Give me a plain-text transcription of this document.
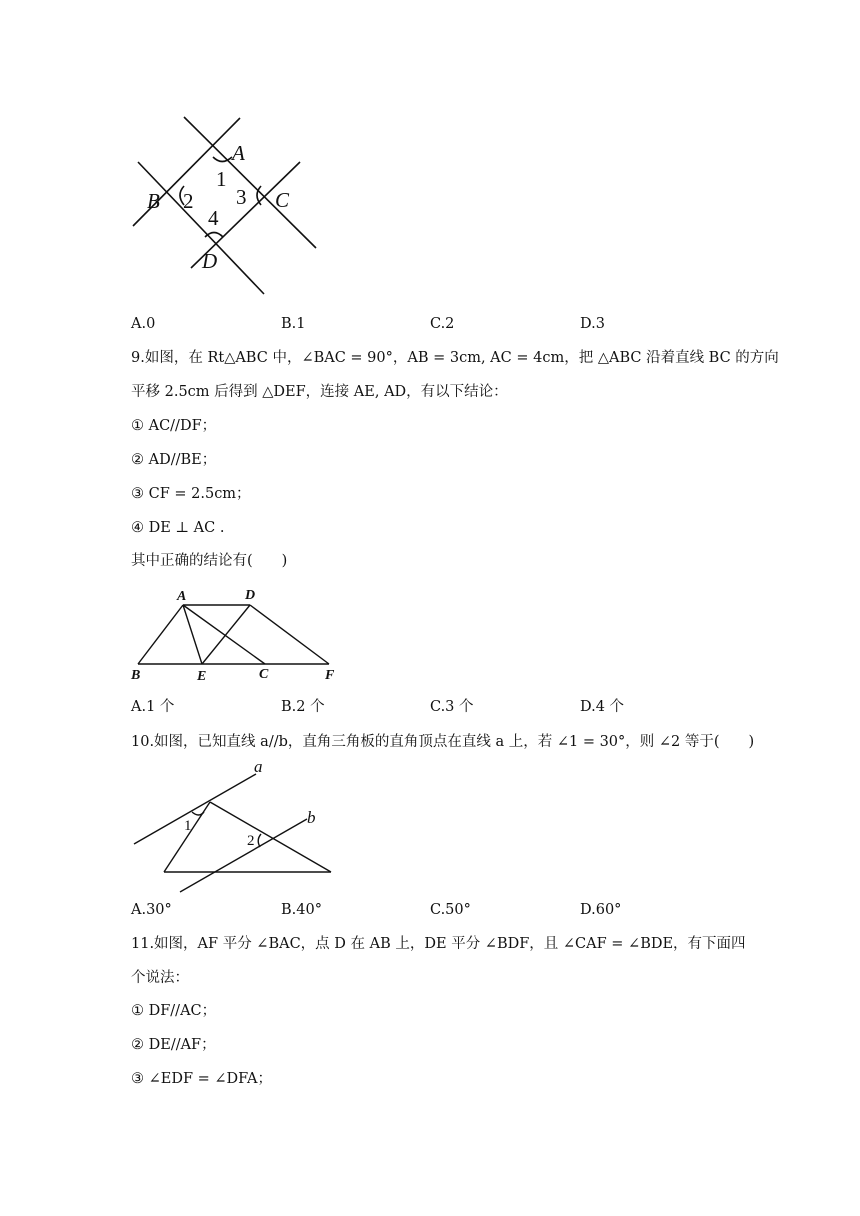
A
B	C
D
1
2 3
4
A.0	B.1	C.2	D.3
9.如图，在 Rt△ABC 中，∠BAC = 90°，AB = 3cm, AC = 4cm，把 △ABC 沿着直线 BC 的方向
平移 2.5cm 后得到 △DEF，连接 AE, AD，有以下结论：
① AC//DF；
② AD//BE；
③ CF = 2.5cm；
④ DE ⊥ AC .
其中正确的结论有(　　)
A	D
B	E	C	F
A.1 个	B.2 个	C.3 个	D.4 个
10.如图，已知直线 a//b，直角三角板的直角顶点在直线 a 上，若 ∠1 = 30°，则 ∠2 等于(　　)
a
b
1
2
A.30°	B.40°	C.50°	D.60°
11.如图，AF 平分 ∠BAC，点 D 在 AB 上，DE 平分 ∠BDF，且 ∠CAF = ∠BDE，有下面四
个说法：
① DF//AC；
② DE//AF；
③ ∠EDF = ∠DFA；
